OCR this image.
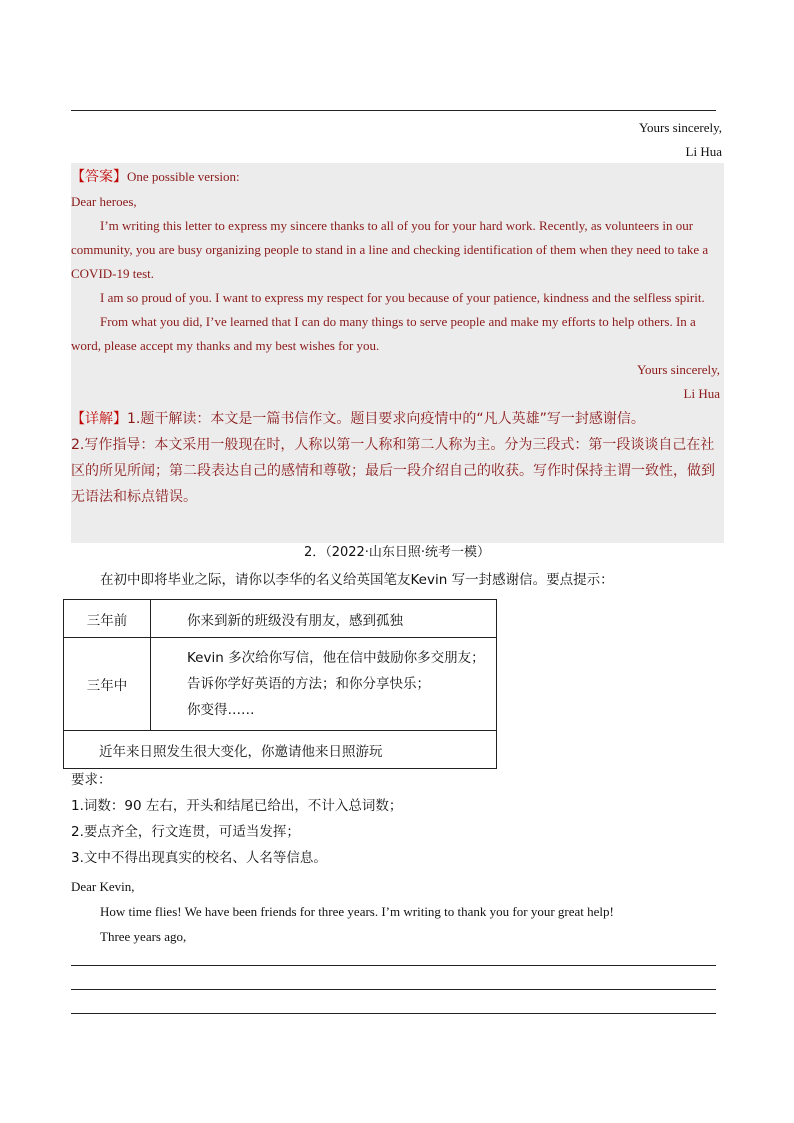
Yours sincerely,
Li Hua

【答案】One possible version:

Dear heroes,

I’m writing this letter to express my sincere thanks to all of you for your hard work. Recently, as volunteers in our community, you are busy organizing people to stand in a line and checking identification of them when they need to take a COVID-19 test.

I am so proud of you. I want to express my respect for you because of your patience, kindness and the selfless spirit.

From what you did, I’ve learned that I can do many things to serve people and make my efforts to help others. In a word, please accept my thanks and my best wishes for you.

Yours sincerely,

Li Hua

【详解】1.题干解读：本文是一篇书信作文。题目要求向疫情中的“凡人英雄”写一封感谢信。

2.写作指导：本文采用一般现在时，人称以第一人称和第二人称为主。分为三段式：第一段谈谈自己在社区的所见所闻；第二段表达自己的感情和尊敬；最后一段介绍自己的收获。写作时保持主谓一致性，做到无语法和标点错误。

2．（2022·山东日照·统考一模）
在初中即将毕业之际，请你以李华的名义给英国笔友Kevin 写一封感谢信。要点提示：
三年前	你来到新的班级没有朋友，感到孤独
三年中	Kevin 多次给你写信，他在信中鼓励你多交朋友；
告诉你学好英语的方法；和你分享快乐；
你变得……

近年来日照发生很大变化，你邀请他来日照游玩	
要求：
1.词数：90 左右，开头和结尾已给出，不计入总词数；
2.要点齐全，行文连贯，可适当发挥；
3.文中不得出现真实的校名、人名等信息。
Dear Kevin,
How time flies! We have been friends for three years. I’m writing to thank you for your great help!
Three years ago,
